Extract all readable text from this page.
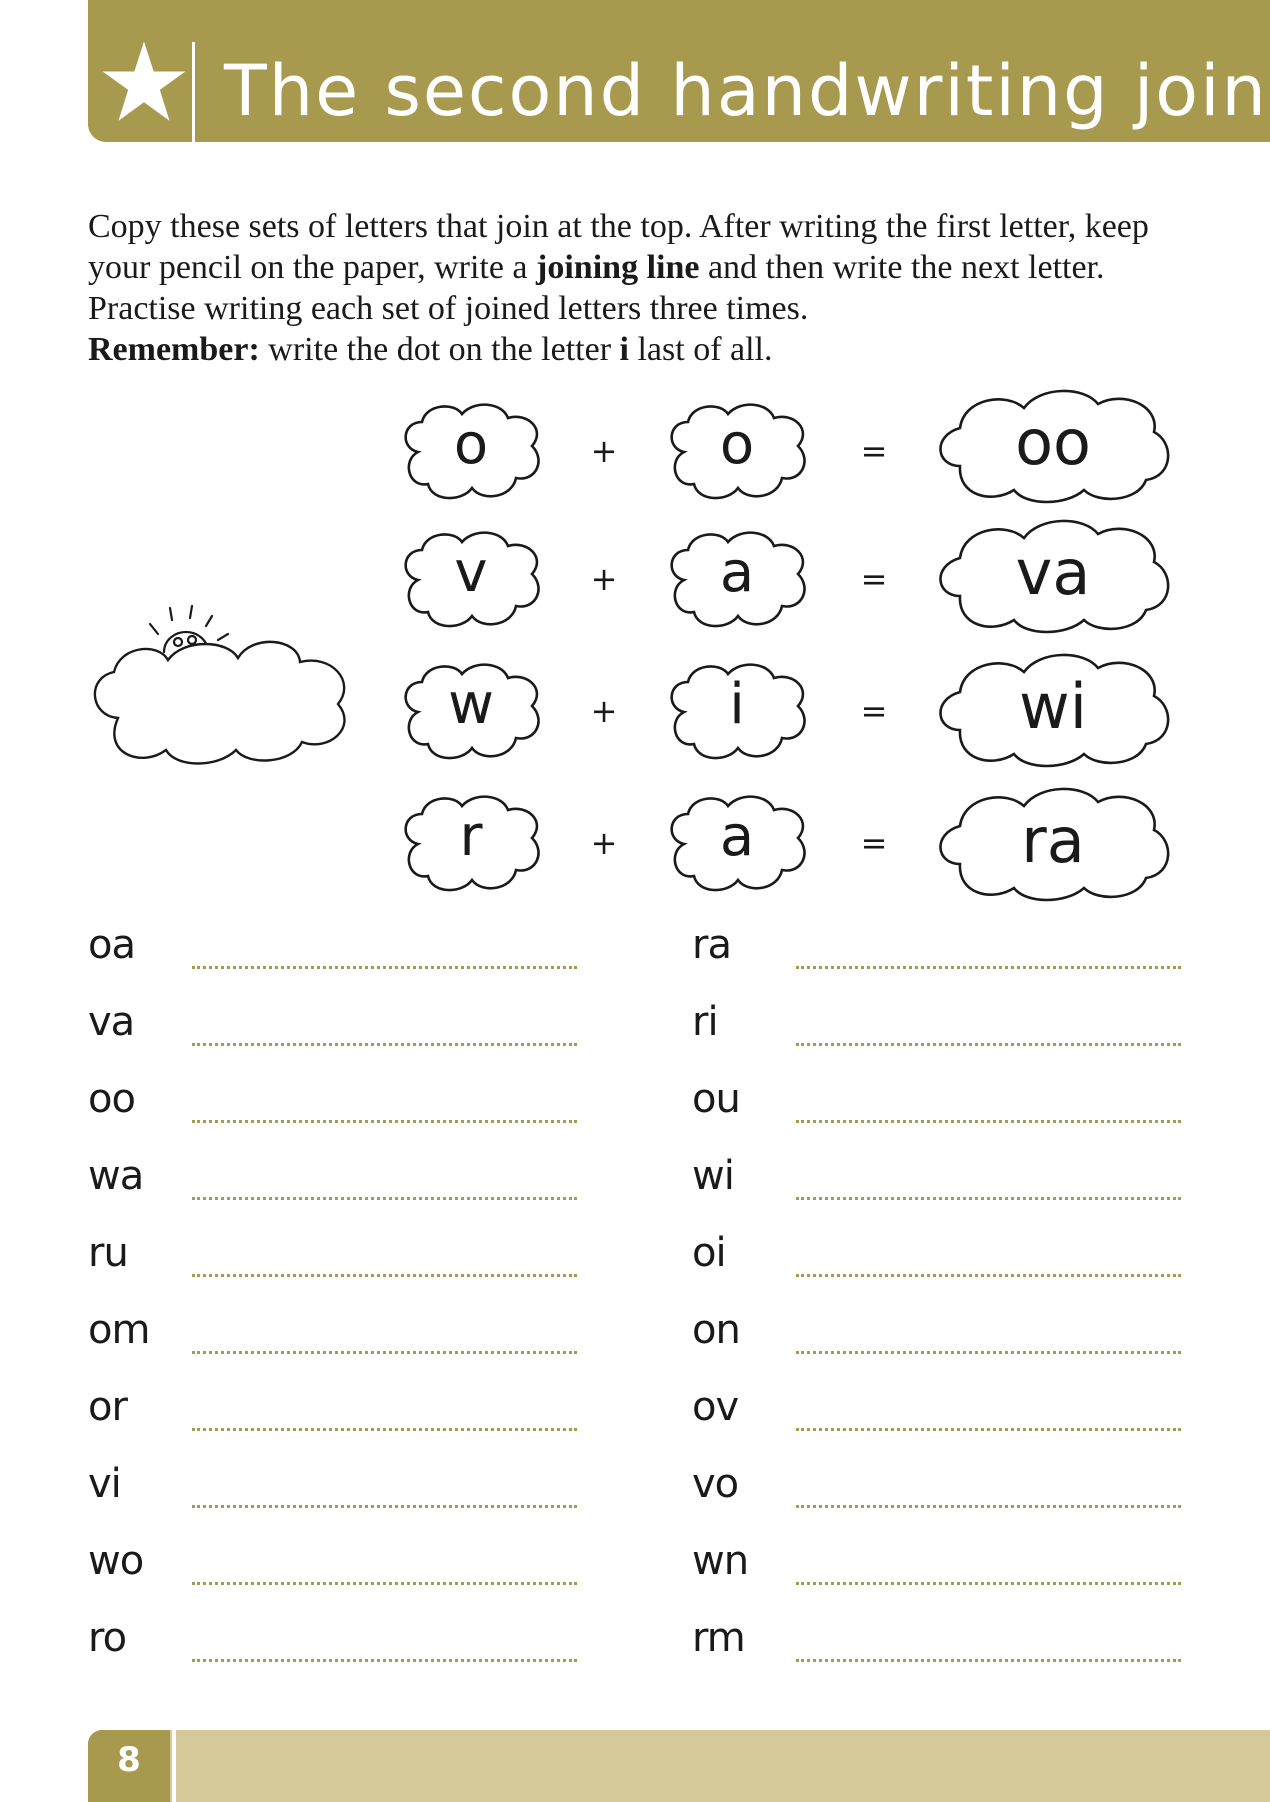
The second handwriting join
Copy these sets of letters that join at the top. After writing the first letter, keep your pencil on the paper, write a joining line and then write the next letter. Practise writing each set of joined letters three times.
Remember: write the dot on the letter i last of all.
o	+	o	=	oo
v	+	a	=	va
w	+	i	=	wi
r	+	a	=	ra
oa
va
oo
wa
ru
om
or
vi
wo
ro
ra
ri
ou
wi
oi
on
ov
vo
wn
rm
8
